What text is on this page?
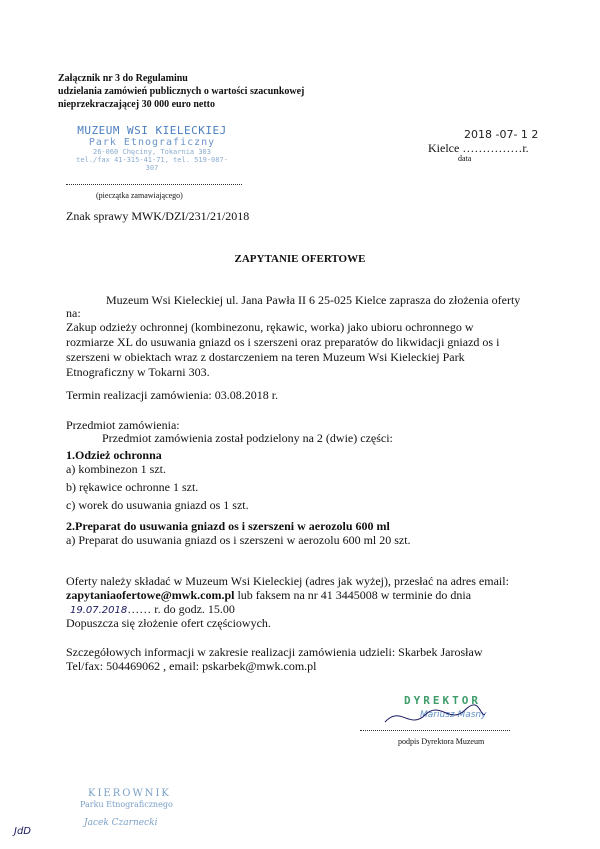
Załącznik nr 3 do Regulaminu
udzielania zamówień publicznych o wartości szacunkowej
nieprzekraczającej 30 000 euro netto
MUZEUM WSI KIELECKIEJ
Park Etnograficzny
26-060 Chęciny, Tokarnia 303
tel./fax 41-315-41-71, tel. 519-087-307
(pieczątka zamawiającego)
2018 -07- 1 2
Kielce ……………r.
data
Znak sprawy MWK/DZI/231/21/2018
ZAPYTANIE OFERTOWE
Muzeum Wsi Kieleckiej ul. Jana Pawła II 6 25-025 Kielce zaprasza do złożenia oferty
na:
Zakup odzieży ochronnej (kombinezonu, rękawic, worka) jako ubioru ochronnego w
rozmiarze XL do usuwania gniazd os i szerszeni oraz preparatów do likwidacji gniazd os i
szerszeni w obiektach wraz z dostarczeniem na teren Muzeum Wsi Kieleckiej Park
Etnograficzny w Tokarni 303.
Termin realizacji zamówienia: 03.08.2018 r.
Przedmiot zamówienia:
Przedmiot zamówienia został podzielony na 2 (dwie) części:
1.Odzież ochronna
a) kombinezon 1 szt.
b) rękawice ochronne 1 szt.
c) worek do usuwania gniazd os 1 szt.
2.Preparat do usuwania gniazd os i szerszeni w aerozolu 600 ml
a) Preparat do usuwania gniazd os i szerszeni w aerozolu 600 ml 20 szt.
Oferty należy składać w Muzeum Wsi Kieleckiej (adres jak wyżej), przesłać na adres email:
zapytaniaofertowe@mwk.com.pl lub faksem na nr 41 3445008 w terminie do dnia
19.07.2018…… r. do godz. 15.00
Dopuszcza się złożenie ofert częściowych.
Szczegółowych informacji w zakresie realizacji zamówienia udzieli: Skarbek Jarosław
Tel/fax: 504469062 , email: pskarbek@mwk.com.pl
DYREKTOR
Mariusz Masny
podpis Dyrektora Muzeum
KIEROWNIK
Parku Etnograficznego
Jacek Czarnecki
JdD
